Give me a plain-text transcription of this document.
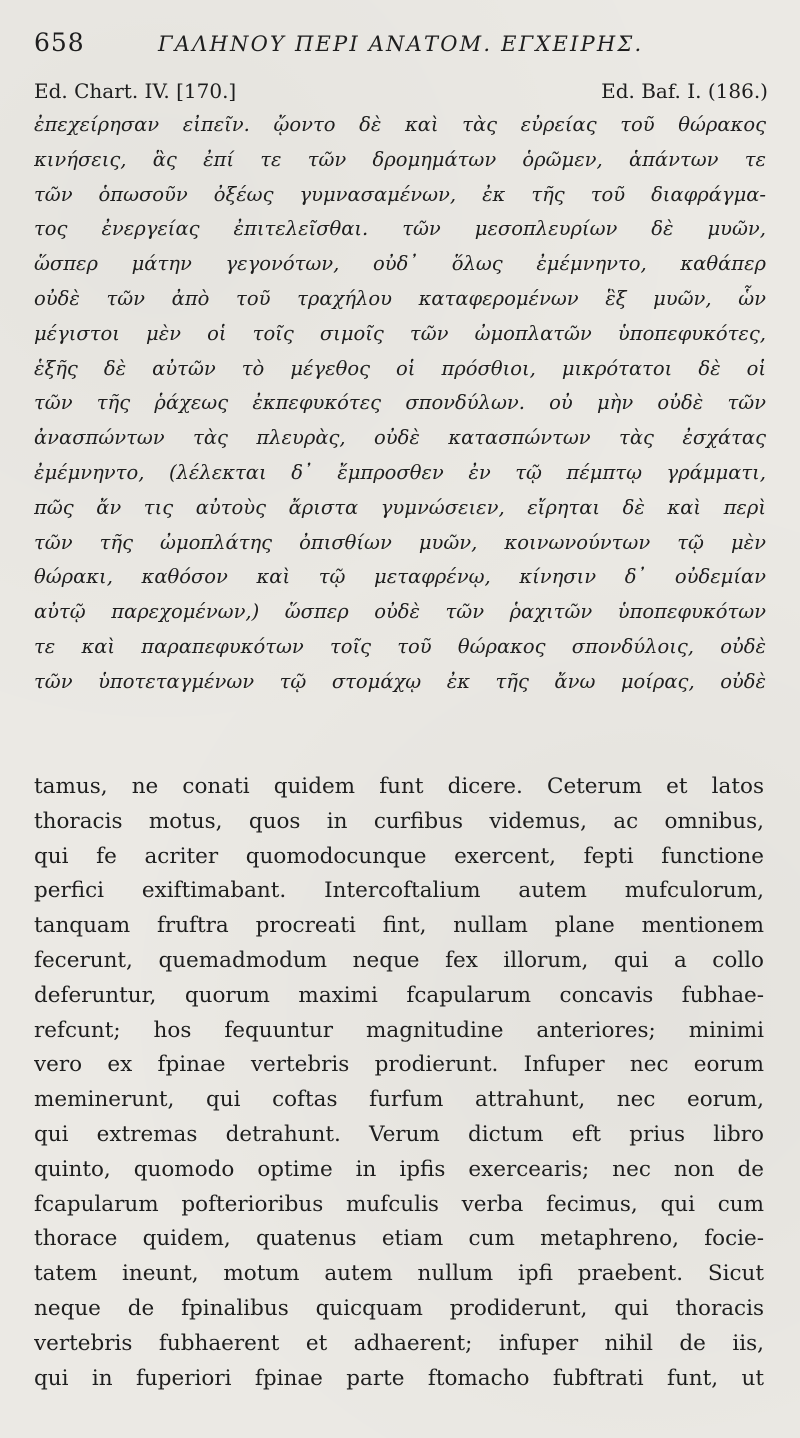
658	ΓΑΛΗΝΟΥ ΠΕΡΙ ΑΝΑΤΟΜ. ΕΓΧΕΙΡΗΣ.
Ed. Chart. IV. [170.]	Ed. Baf. I. (186.)
ἐπεχείρησαν εἰπεῖν. ᾤοντο δὲ καὶ τὰς εὐρείας τοῦ θώρακος
κινήσεις, ἃς ἐπί τε τῶν δρομημάτων ὁρῶμεν, ἁπάντων τε
τῶν ὁπωσοῦν ὀξέως γυμνασαμένων, ἐκ τῆς τοῦ διαφράγμα-
τος ἐνεργείας ἐπιτελεῖσθαι. τῶν μεσοπλευρίων δὲ μυῶν,
ὥσπερ μάτην γεγονότων, οὐδ᾿ ὅλως ἐμέμνηντο, καθάπερ
οὐδὲ τῶν ἀπὸ τοῦ τραχήλου καταφερομένων ἓξ μυῶν, ὧν
μέγιστοι μὲν οἱ τοῖς σιμοῖς τῶν ὠμοπλατῶν ὑποπεφυκότες,
ἑξῆς δὲ αὐτῶν τὸ μέγεθος οἱ πρόσθιοι, μικρότατοι δὲ οἱ
τῶν τῆς ῥάχεως ἐκπεφυκότες σπονδύλων. οὐ μὴν οὐδὲ τῶν
ἀνασπώντων τὰς πλευρὰς, οὐδὲ κατασπώντων τὰς ἐσχάτας
ἐμέμνηντο, (λέλεκται δ᾿ ἔμπροσθεν ἐν τῷ πέμπτῳ γράμματι,
πῶς ἄν τις αὐτοὺς ἄριστα γυμνώσειεν, εἴρηται δὲ καὶ περὶ
τῶν τῆς ὠμοπλάτης ὀπισθίων μυῶν, κοινωνούντων τῷ μὲν
θώρακι, καθόσον καὶ τῷ μεταφρένῳ, κίνησιν δ᾿ οὐδεμίαν
αὐτῷ παρεχομένων,) ὥσπερ οὐδὲ τῶν ῥαχιτῶν ὑποπεφυκότων
τε καὶ παραπεφυκότων τοῖς τοῦ θώρακος σπονδύλοις, οὐδὲ
τῶν ὑποτεταγμένων τῷ στομάχῳ ἐκ τῆς ἄνω μοίρας, οὐδὲ
tamus, ne conati quidem funt dicere. Ceterum et latos
thoracis motus, quos in curfibus videmus, ac omnibus,
qui fe acriter quomodocunque exercent, fepti functione
perfici exiftimabant. Intercoftalium autem mufculorum,
tanquam fruftra procreati fint, nullam plane mentionem
fecerunt, quemadmodum neque fex illorum, qui a collo
deferuntur, quorum maximi fcapularum concavis fubhae-
refcunt; hos fequuntur magnitudine anteriores; minimi
vero ex fpinae vertebris prodierunt. Infuper nec eorum
meminerunt, qui coftas furfum attrahunt, nec eorum,
qui extremas detrahunt. Verum dictum eft prius libro
quinto, quomodo optime in ipfis exercearis; nec non de
fcapularum pofterioribus mufculis verba fecimus, qui cum
thorace quidem, quatenus etiam cum metaphreno, focie-
tatem ineunt, motum autem nullum ipfi praebent. Sicut
neque de fpinalibus quicquam prodiderunt, qui thoracis
vertebris fubhaerent et adhaerent; infuper nihil de iis,
qui in fuperiori fpinae parte ftomacho fubftrati funt, ut
